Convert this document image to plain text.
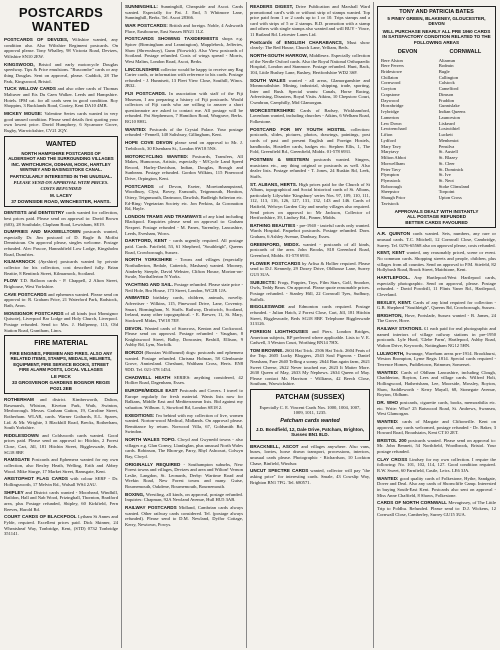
POSTCARDS WANTED

POSTCARDS OF DEVIZES, Wiltshire wanted, any condition also. Also Wiltshire Regiment postcards. On approval please. Tony Whalley, 98 Victoria Road, Devizes, Wiltshire SN10 2EW.

KINGSWOOD, Bristol and early motorcycle Douglas speedway. Tips & Price emulsions. "Ruscombe" cards or any thing Douglas. Sent on approval, please. Caddick, 28 The Park, Kingswood, Bristol.

TUCK WILLOW CARDS and also other cards of Thomas Maltuver and Ets Du Caen Walker. Leeds and Hampshire. Hotels. IPM cat. for all cards seen in good condition. Roy Shoppins, 3 Bucklands Road, Cootey, Kent DA10 4MB.

MICKEY MOUSE: Valentine Series cards wanted in very good unused condition. Please send details first quoting your own lowest price. David Humphrey, 6 Sycamore Grove, Rugby, Warwickshire, CV21 2QY.

WANTED
NORTH HAMPSHIRE POSTCARDS OF ALDERSHOT AND THE SURROUNDING VILLAGES INC. WHITCHURCH, ODIHAM, HOOK, HARTLEY WINTNEY AND BASINGSTOKE CANAL.
PARTICULARLY INTERESTED IN THE UNUSUAL.
PLEASE SEND ON APPROVAL WITH PRICES. COSTS REFUNDED
M. LACEY
37 DOWNSIDE ROAD, WINCHESTER, HANTS.

DENTISTS and DENTISTRY cards wanted for collection, best prices paid. Please send on approval to: David Brown (603), 28 Southdale, Clapham Road, Lewisham, SE19.

DUMFRIES AND MAXWELLTOWN postcards wanted, especially Dr. Jim postcard of D. Bugle & Moffat Dennistoun. On approval please, singles welcome. Postage refunded. Alec Pascoe, Hannahfield Low Lodge, Kingsholm Road, Dumfries.

KILMARNOCK (Ayrshire) postcards wanted by private collector for his collection, cost described fully. Brian Beattie, 8 Bentinck Street, Kilmarnock, Scotland.

FLOW T.D. Balloon cards - P. Chappell, 2 Alton Street, Brighouse, West Yorkshire.

CAVE POSTCARDS and ephemera wanted. Please send on approval to: R. Graham Price, 21 Waterford Park, Radstock, Bath, Avon.

MONSIGNOR POSTCARDS of all kinds (not Monsignor Quixote), Liverpool Bar Lodge and Holy Church, Liverpool. Postage refunded. Send to: Mrs. J. Halfpenny, 113, Old Station Road, Grantham, Lincs.

FIRE MATERIAL
FIRE ENGINES, FIREMEN AND FIRES. ALSO ANY RELATED ITEMS, STAMPS, MEDALS, HELMETS, EQUIPMENT, FIRE SERVICE BOOKS, STREET FIRE ALARM POSTS, LOCAL VILLAGES
LE PECK
33 GROSVENOR GARDENS BOGNOR REGIS PO21 2EB

ROTHERHAM and district. Kimberworth, Dalton, Rawmarsh, Whiston, Kiveton Park, Wath, Swinton, Mexborough. Messrs. Graham Gatton, 19, Caroline Street, Rotherham. WLAR, cards. Warner Gothards, E.L. Spares, Ltd. & Mr. Wrighte, 3 Blackhill Road, Brecks, Rotherham, South Yorkshire.

RIDDLESDOWN and Coldsworth cards wanted. Good prices paid. Please send on approval to: Hitchin, 2 Forest Close, Cart, Jill, 181 Hitchin Street, Biggleswade, Beds. SG18 8BF.

RAMSGATE Postcards and Ephemera wanted for my own collection, also Bexley Heath, Welling, Erith and Abbey Wood. Mike Sturge, 17 Market Street, Ramsgate, Kent.

ARISTOPHOT FLAG CARDS with colour SERF - Dr. Hollingsworth, 17 Melvin Rd., Walsall WS4 2AU.

SHIPLEY and District cards wanted - Moorhead, Windhill, Baildon, Hall and Nab Wood, Frizinghall, Thornton, Bradford area, plus Postage refunded, Shipley, 60 Kirkfield, Fern Reeves, Harold Rd.

COURT CARDS OF BLACKPOOL Lytham St Annes and Fylde, required. Excellent prices paid. Dick Skinner, 24 Wheatsheaf Way, Tonbridge, Kent, (STD) 0732 Tonbridge 351141.

SUNNINGHILL: Sunninghill, Cheapside and Ascot. Cards wanted. Especially for Pat. J. End, 5 Whitmore Lane, Sunninghill, Berks. Tel. Ascot 28366.

WAR POSTCARDS: British and foreign. Noble, 4 Ashworth Place, Eastbourne, East Sussex BN21 1LZ.

POSTCARDS SHOWING TAXIDERMISTS shops e.g. Spicer (Birmingham and Leamington), Mapplebeck, Jefferies, Shaw (Shrewsbury), Gunn (Norwich). Also View postcards of Scotland. Postage refunded. Costs of wings spread - Morris, West Malins, London Road, Ascot, Berks.

LINCOLNSHIRE collector would be happy to receive any Rag Carter cards, or information with reference to his cards. Postage refunded - J. Hunnisett, 13 Fleet View Close, Southill, Wincs. JB32.

FIJI POSTCARDS. In association with staff of the Fiji Museum, I am preparing a history of Fiji postcards. Would collectors of Fiji cards who are willing to answer a short questionnaire are asked to contact me. All postage will be refunded. Pat Stephenson, 7 Hamilton Road, Wargrave, Berks. RG10 8HG.

WANTED: Postcards of the Crystal Palace. Your postage refunded - Fennell, 140 Salisbury, Gillingham, Kent.

HOPE COVE DEVON please send on approval to Mr. J. Trebilcock, 30 Elsenham St., London SW18 5NS.

MOTORCYCLING WANTED: Postcards, Transfers, All Makes, Humorous, Artistic, especially - M/Cycle Land Speed Record, Harley-Davidson, Indian, Douglas, Brough and Sunbeam. Postage refunded. Gordon Wilkins, 115 Pinewood Drive, Orpington, Kent.

POSTCARDS of Devon, Exeter, Moretonhampstead, Woodbury, Clyst, Bovey, Exmouth, Teignmouth, Honiton, Ottery, Teignmouth, Dartmoor, Dawlish, Budleigh Salterton etc. Ed-Ring: Vegetarian Society etc. Jon Perkins, 4a Coronation Rd, Hayle.

LONDON TRAMS AND TRAMWAYS of any kind including Blackpool. Enquiries please send on approval to: Graham Nexpert. Postage refunded - M. Panes, Yaremley, Lancashire, Leeds, Evesham, Worcs.

DARTFORD, KENT - cards urgently required. All postage paid. Cards. Fairfield, 53, 61 Shepherd, "Southleigh", Queens Road, Crowborough, Sussex.

NORTH YORKSHIRE - Towns and villages (especially Northallerton, Bedale, Catterick, Masham) wanted. Mooney, Ainderby Steeple, David Webster, Clifton House, Morton-on-Swale, Northallerton N Yorks.

YACHTING AND SAIL. Postage refunded. Please state price - Neil Hole, Bra House, 173 Street, London, WC2R 1JA.

ANIMATED birthday cards, children, animals, novelty. Advertiser - Wilkins, 115, Pinewood Drive, Lane, Coventry. Smart, Birmingham, N. Staffs. Railway, Droitwich, Scotland, Ireland, many other topographical. - E. Brewer, 11, St. Mary, Stockwell Midas, TW18 7EF.

DEVON. Wanted cards of Starcross, Kenton and Cockwood. Please send on approval. Postage refunded - Vaughan, 8 Knightswood Street, Balby, Doncaster, Bexhill, Ellison, 9 Ashby Rd, Lym, Norfolk.

BORZOI (Russian Wolfhound) dogs: postcards and ephemera wanted. Postage refunded. Chrisma Holman, 58 Glenburnie Grove, Anniesland. Cheshunt, Waltham Cross, Herts. EN8 9DD. Tel. 021-378 1454.

CHADWELL HEATH SERIES: anything considered, 42 Hollier Road, Dagenham, Essex.

EUROPE/MIDDLE EAST Postcards and Covers. I travel to Europe regularly for fresh material. Wants lists now for Balkans, Middle East and Mediterranean lists. Bid against my valuation. Wilburn. 1, Stowford Rd, London SE18 2.

EXEDITIONS: I'm behind with my collection of live, women wanted. Norton-wood Medical, Midlands. On approval please. Remittance by return. Norwood Villa, 67, Goldsmith Rd, Swindon.

NORTH WALES TOPO. Clwyd and Gwynedd towns - also villages e.g. Glan Conwy, Llanfaglan, plus unusual North Wales cards. Robinson, The Rhon-ge, Parry, Rhyl Ashcourt, Colwyn Bay, Clwyd.

ORIGINALLY REQUIRED - Southampton suburbs, New Forest towns and villages, Devizes and area and Wilton! Vernon Leslie, Langdon, St. Leonards, Derby: Wartime Road and Wrekin Road, New Forest towns and many. Guise, Bournemouth, Oakdene, Bournemouth, Bournemouth.

BOXING, Wrestling, all kinds, on approval, postage refunded. Inquiries: Chapman, 92A Newland Avenue, Hull HU5 3AB.

RAILWAY POSTCARDS Midland, Cambrian cards always wanted. Other railway cards considered. Tel. (postage always refunded). Please send to D.M. Newland, Dyffor Cottage, Kerry, Newtown, Powys.

READERS DIGEST, Drive Publication and Marshall Ward promotional card's with or without strip of stamps wanted. Top price paid from 1 or 2 cards up to 1 or 10. Trips stamps and a card with strips of 5 or 2 stamps. R.D. promotion with a stamp and others with single stamps also wanted and will BUY - Vince, 11 Rutland Rd. Leicester Lanes Ltd.

Postcards of ENGLISH CHARABANCS, Must show clearly: The Red House, Church Lane, Yelliam, Beds.

NORTH-SOUTH HARROW, Middlesex. Especially collection of the Nerdle Oxford cards. Also the Royal National Orthopaedic Hospital, London and Stanmore. Postage refunded. Hunt, Back, 104, Little Bushey Lane, Bushey, Hertfordshire WD2 3SF.

SOUTH WALES wanted - all areas, Glamorganshire and Monmouthshire. Mining, industrial, shipping, trade, sporting, Inter and Bush. Special wants: Canals, Horse Racing, Advertising, Disasters, Royal Visits. Atkins, 10 Chepstow Court, Cwmbran, Caerphilly, Mid Glamorgan.

WORCESTERSHIRE: Cards of Badsey, Wickhamford, Lavenham wanted, including churches - Atkins, 6 Welham Road, Folkestone.

POSTCARD FOR MY YOUTH HOSTEL collection: postcards, slides, pictures, photos, drawings, paintings, post cards of past and present English and Foreign Hostels, handbooks, Hosteller cards, badges etc. Stephen Ellis, 1, The Fold, Greenfield Rd., Greenfield, Middx. 01-578 6931.

POSTMEN & WESTERN postcards wanted. Singers, musicians etc., any thing original or postcards as well. Also dealer lists. Postage refunded - T. Jones, 24 Ruskin Rd, Leek, Staffs.

ST. ALBANS, HERTS. High prices paid for the Church of St Albans, topographical and Social historical cards of St. Albans, particularly Lilywhite 'Kingsbury' series Nos. 97, 109, 110, 111, 112, 113, 116, 126, 127, 131, 132, 143 and 146. Cards of Hatfield, Welwyn Garden City and nearby villages also required. Send prices on approval to: Mr Jackson, Collector of Hertfordshire, 39, Lindsey Rd., Pinner, Middx.

BATHING BEAUTIES - pre-1940 - tasteful cards only wanted. Wards Hospital. Paquebot postcards. Postage refunded. Dorn. Graham, 6 Ashley Avenue, Danbury, Essex.

GREENFORD, MIDDX. wanted - postcards of all kinds, postcards of the area. John Brooks, 818 Greenford Road, Greenford, Middx. 01-578 6931.

FLOWER POSTCARDS by Arlisa & Hollier required. Please send to D.J. Kennedy, 29 Doxey Drive, Oldhouse Lane, Surrey GU3 3UA.

SUBJECTS: Frogs, Poppies, Toys, Film Stars, Golf, Snooker, Owls, Teddy Bears. On approval. Please quote reasonable prices. Postage refunded. - Stanley Hill, 22 Cornwall Tyes, Sudbury, Suffolk.

BIGGLESWADE and Edmonton cards required. Postage refunded. - Julian Hatch, 2 Forest Close, Cart, Jill, 181 Hitchin Street, Biggleswade, Beds SG18 8BF. Telephone Biggleswade 313126.

FOREIGN LIGHTHOUSES and Piers. London Bridges, American subjects, RP preferred where applicable. Lists to V. E. Cadwell, 3 Weston Court, Worthing BN14 7HX.

TOM BROWNE. 2604 Hat Trick. 2506 Hat Trick. 2604 Feats of the Trip. 2605 Lucky Bloggers, 2543 Soul Pigeons - Daniel Neasham, Fare 2640 Telling a sonny. 2644 Bun again farm, 2621 Sweet Cheese, 2622 Never touched me, 2623 It Matter More. 2630 Queen of May, 2633 My Nephews. 2634 Queen of May. Please contact Mr. Harrison - Williams, 42 Beech Close, Southam, Warwickshire.

PATCHAM (SUSSEX)
Especially C. E. Vincent Cards Nos. 1000, 1004, 1007, 1009, 1011, 1235.
Patcham cards wanted
J.D. Bondfield, 12, Dale Drive, Patcham, Brighton, Sussex BN1 8LD.

BRACKNELL, ASCOT and villages anywhere. Also vans, buses, lorries, horse drawn transport, processions, interiors, unusual cards please. Photographic - Richardson, 10 Lockton Chase, Binfield, Windsor.

UNCUT SPECTRE CARDS wanted, collector will pay "the asking price" for interesting cards. Smale, 43 Cowslip Way, Brighton BN1 7FG. Tel. 680571.

TONY AND PATRICIA BATES
5 PINEY GREEN, BLAKENEY, GLOUCESTER, DEVON
WILL PURCHASE NEARLY ALL PRE 1960 CARDS IN SATISFACTORY CONDITION RELATED TO THE FOLLOWING AREAS
DEVON
Bere Alston
Bere Ferrers
Bridestowe
Chillaton
Cornwood
Coryton
Crapstone
Daywood
Horrabridge
Ivybridge
Lamerton
Lew Down
Lewtrenchard
Lifton
Lydford
Mary Tavy
Marytavy
Milton Abbot
Morwellham
Peter Tavy
Plympton
Plymstock
Roborough
Sheepstor
Shaugh Prior
Tavistock
CORNWALL
Altarnun
Bodmin
Bugle
Callington
Calstock
Camelford
Dimson
Fraddon
Gunnislake
Indian Queens
Launceston
Liskeard
Lostwithiel
Luckett
Menheniot
Pensilva
St. Austell
St. Blazey
St. Cleer
St. Dominick
St. Ive
St. Neot
Stoke Climsland
Torpoint
Upton Cross
APPROVALS DEALT WITH INSTANTLY
ALL POSTAGE REFUNDED
BETTER CARDS FAVOURED

A.R. QUINTON cards wanted. Sets, numbers, any rare or unusual cards. T.C. Mitchell, 12 Cornwall Close, Cambridge, Surrey. Tel. 0276-65568 also on approval please, costs refunded.

KENT, KENT wanted, any reasonably priced, scene or event. No common cards. Shopping streets and people, children, plus villages from all counties. Send on approval to P.M. Stiefeld, 82 Hollybush Road, Brook Street, Maidstone, Kent.

HARTLEPOOL. Any Hartlepool/West Hartlepool cards, especially photographic. Send on approval, please. Postage refunded. - David Powdrill, 11 Flints Vaner Rd., Hartlepool, Cleveland.

BEXLEY, KENT. Cards of any kind required for collection - G.B. Shepherd "Southleigh", Queens Rd, Crowborough, Sussex.

BRIGHTON, Hove, Portslade, Sussex wanted - B. James, 24 The Grove, Hove.

RAILWAY STATIONS. £1 each paid for real photographic and named interiors of village railway stations in pre-1950 postcards. Lyle Hurd, 'Glebe Farm', Hartlepool, Ashby Road, Walton Drive, Keyworth, Nottingham NG12 5HN.

LULWORTH, Swanage, Wareham areas pre-1914. Brookhurst, Weston Brompton, Lyme Regis 1814. Special cards required - Terrence Homes, Puddletown, Brimmer, Somerset.

WANTED: Cards of Oldham Lancashire, including Clough, Chadderton, Royton, Lees and village cards. Wilfred Holt, Hollingwood, Hatherisham, Lee, Moorside, Mossley, Royton, Shaw, Saddleworth - Kerry Mayall, 68, Stonegate Avenue, Royton, Oldham.

DR. WHO postcards, cigarette cards, books, memorabilia etc. etc. Write: Who? 25 Batswood Road, St. Andrews, Swansea, West Glamorgan.

WANTED: cards of Margate and Cliftonville. Kent on approval, any cards welcomed, postage refunded - Dr. Baker, 3 Howard Road, Broadstairs, Kent CT10 2ET.

BRISTOL 200 postcards wanted. Please send on approval to: Mr. John Bennett, 54 Northfield, Woodbrook, Bristol. Your postage refunded.

CLAY CROSS Lindsey for my own collection. I require the following: No. 101, 102, 114, 127. Good condition required. R.W. Sweet, 60 Farnfield, Castle, Leics. LE6 3JA.

WANTED: good quality cards of Folkestone, Hythe, Sandgate, Dover and Deal. Also any cards of Shorncliffe Camp. Interested in buying South-East Kent. Postcards also sent on approval - Miss Anne Chaffield, 8 Shaws, Folkestone.

CARDS OF NORTH CORNWALL Mevagissey, of The Little Trip to Poldhu. Refunded. Please send to: D.J. Wickens, 12 Cornwall Close, Camberley, Surrey GU15 3UA.
